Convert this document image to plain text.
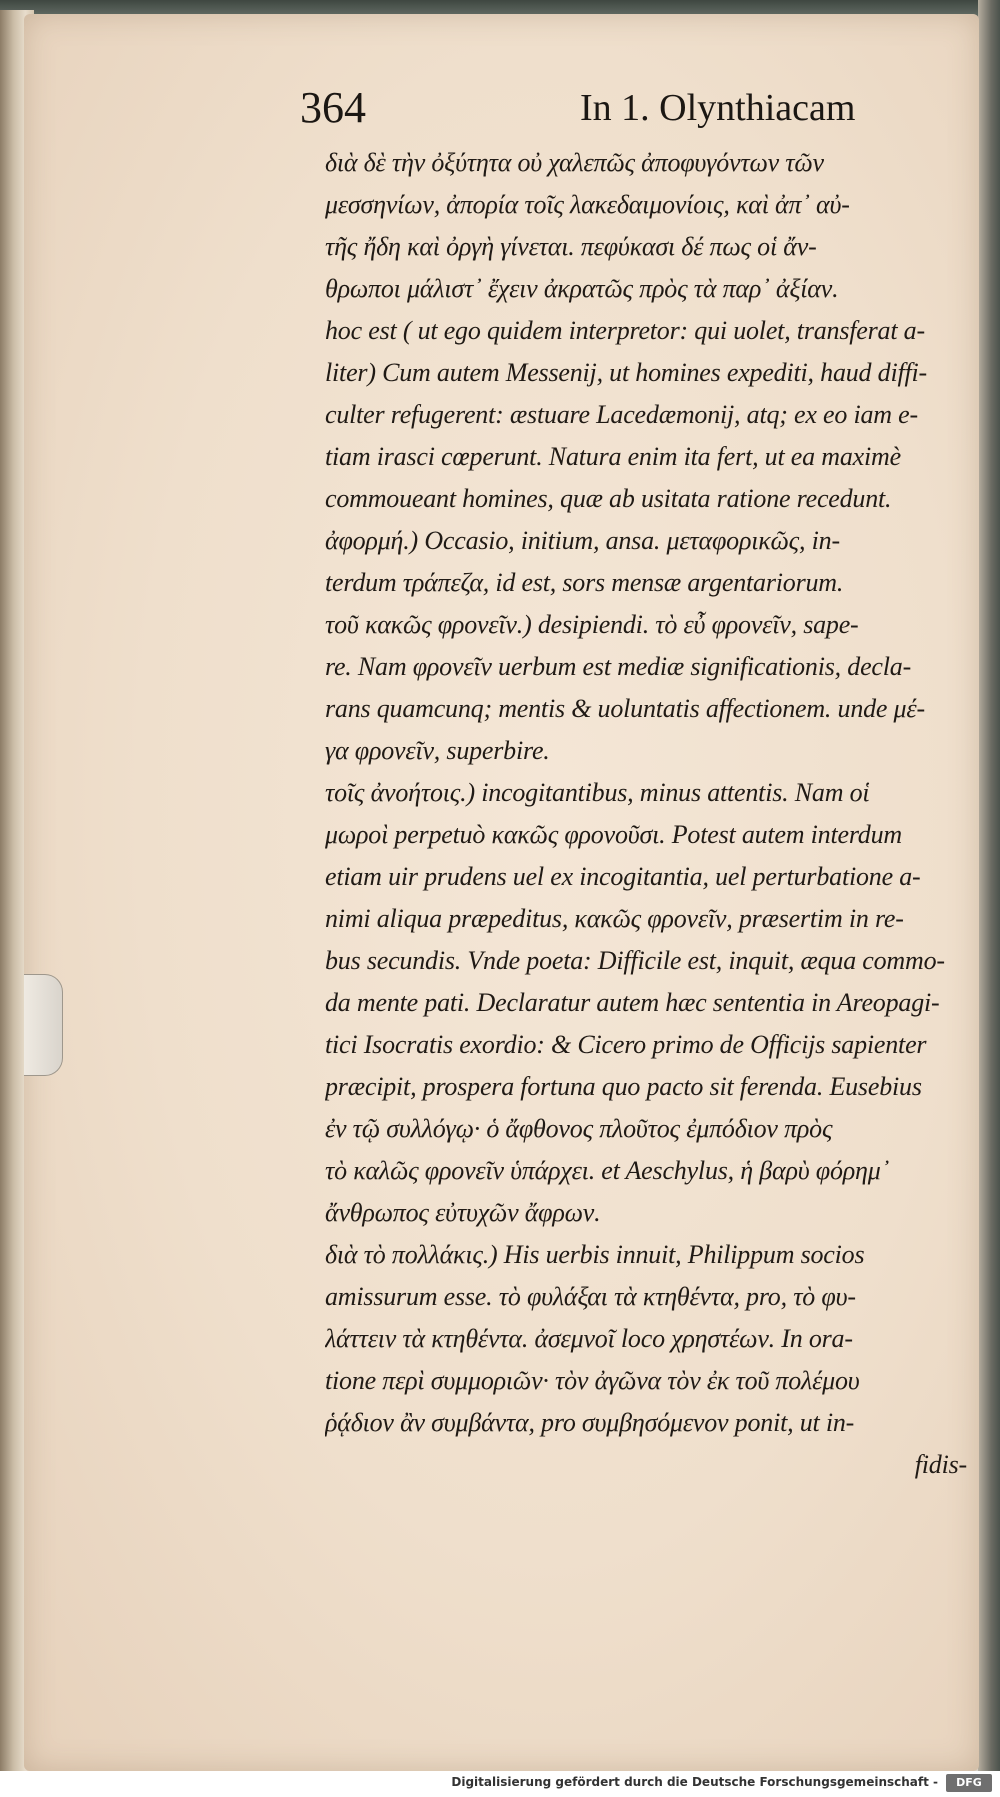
364	In 1. Olynthiacam
διὰ δὲ τὴν ὀξύτητα οὐ χαλεπῶς ἀποφυγόντων τῶν
μεσσηνίων, ἀπορία τοῖς λακεδαιμονίοις, καὶ ἀπ᾽ αὐ-
τῆς ἤδη καὶ ὀργὴ γίνεται. πεφύκασι δέ πως οἱ ἄν-
θρωποι μάλιστ᾽ ἔχειν ἀκρατῶς πρὸς τὰ παρ᾽ ἀξίαν.
hoc est ( ut ego quidem interpretor: qui uolet, transferat a-
liter) Cum autem Messenij, ut homines expediti, haud diffi-
culter refugerent: æstuare Lacedæmonij, atq; ex eo iam e-
tiam irasci cœperunt. Natura enim ita fert, ut ea maximè
commoueant homines, quæ ab usitata ratione recedunt.
ἀφορμή.) Occasio, initium, ansa. μεταφορικῶς, in-
terdum τράπεζα, id est, sors mensæ argentariorum.
τοῦ κακῶς φρονεῖν.) desipiendi. τὸ εὖ φρονεῖν, sape-
re. Nam φρονεῖν uerbum est mediæ significationis, decla-
rans quamcunq; mentis & uoluntatis affectionem. unde μέ-
γα φρονεῖν, superbire.
τοῖς ἀνοήτοις.) incogitantibus, minus attentis. Nam οἱ
μωροὶ perpetuò κακῶς φρονοῦσι. Potest autem interdum
etiam uir prudens uel ex incogitantia, uel perturbatione a-
nimi aliqua præpeditus, κακῶς φρονεῖν, præsertim in re-
bus secundis. Vnde poeta: Difficile est, inquit, æqua commo-
da mente pati. Declaratur autem hæc sententia in Areopagi-
tici Isocratis exordio: & Cicero primo de Officijs sapienter
præcipit, prospera fortuna quo pacto sit ferenda. Eusebius
ἐν τῷ συλλόγῳ· ὁ ἄφθονος πλοῦτος ἐμπόδιον πρὸς
τὸ καλῶς φρονεῖν ὑπάρχει. et Aeschylus, ἡ βαρὺ φόρημ᾽
ἄνθρωπος εὐτυχῶν ἄφρων.
διὰ τὸ πολλάκις.) His uerbis innuit, Philippum socios
amissurum esse. τὸ φυλάξαι τὰ κτηθέντα, pro, τὸ φυ-
λάττειν τὰ κτηθέντα. ἀσεμνοῖ loco χρηστέων. In ora-
tione περὶ συμμοριῶν· τὸν ἀγῶνα τὸν ἐκ τοῦ πολέμου
ῥᾴδιον ἂν συμβάντα, pro συμβησόμενον ponit, ut in-
fidis-
Digitalisierung gefördert durch die Deutsche Forschungsgemeinschaft -	DFG
